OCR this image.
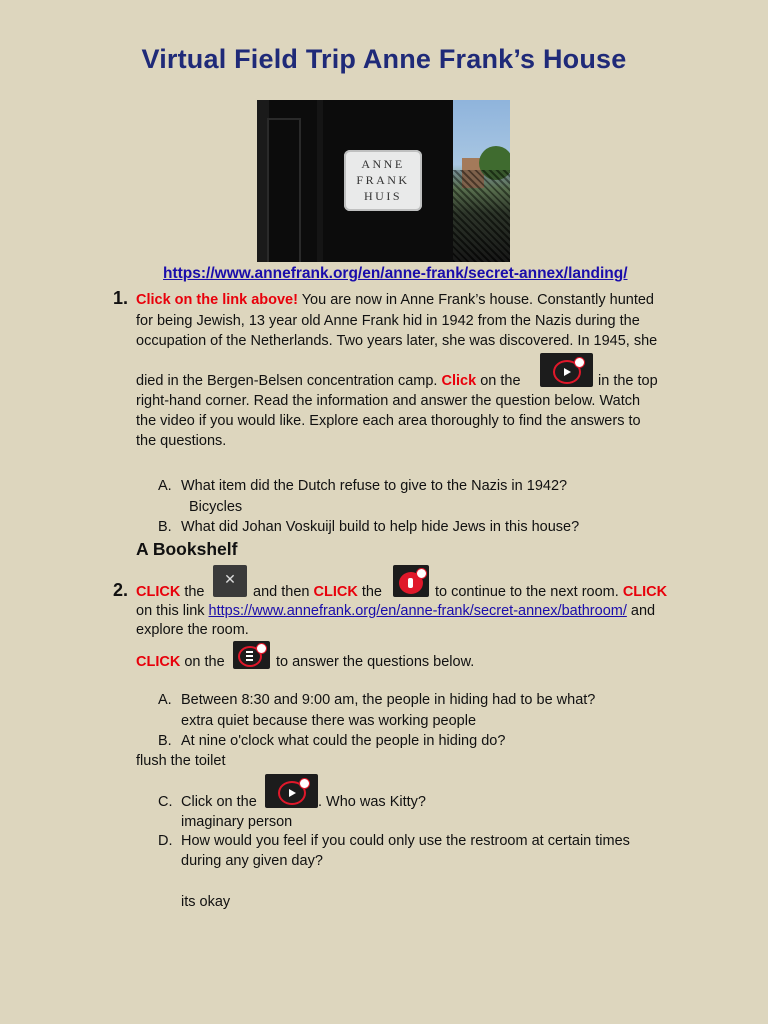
Virtual Field Trip Anne Frank’s House
ANNE
FRANK
HUIS
https://www.annefrank.org/en/anne-frank/secret-annex/landing/
1. Click on the link above! You are now in Anne Frank’s house. Constantly hunted
for being Jewish, 13 year old Anne Frank hid in 1942 from the Nazis during the
occupation of the Netherlands. Two years later, she was discovered. In 1945, she
died in the Bergen-Belsen concentration camp. Click on the	in the top
right-hand corner. Read the information and answer the question below. Watch
the video if you would like. Explore each area thoroughly to find the answers to
the questions.
A. What item did the Dutch refuse to give to the Nazis in 1942?
Bicycles
B. What did Johan Voskuijl build to help hide Jews in this house?
A Bookshelf
2. CLICK the
✕
and then CLICK the	to continue to the next room. CLICK
on this link https://www.annefrank.org/en/anne-frank/secret-annex/bathroom/ and
explore the room.
CLICK on the	to answer the questions below.
A. Between 8:30 and 9:00 am, the people in hiding had to be what?
extra quiet because there was working people
B. At nine o'clock what could the people in hiding do?
flush the toilet
C. Click on the	. Who was Kitty?
imaginary person
D. How would you feel if you could only use the restroom at certain times
during any given day?
its okay
